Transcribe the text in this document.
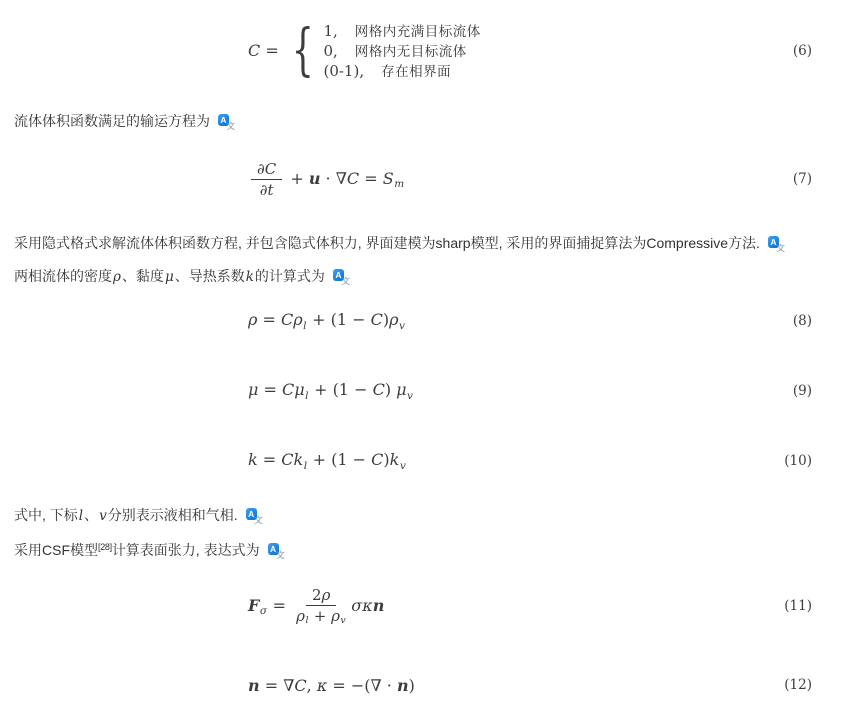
C = { 1, 网格内充满目标流体
0, 网格内无目标流体
(0-1), 存在相界面
(6)
流体体积函数满足的输运方程为 A
文
$\frac{\partial C}{\partial t} + u \cdot \nabla C = S_m$	(7)
采用隐式格式求解流体体积函数方程, 并包含隐式体积力, 界面建模为sharp模型, 采用的界面捕捉算法为Compressive方法. A
文
两相流体的密度ρ、黏度μ、导热系数k的计算式为 A
文
$\rho = C\rho_l + (1 - C)\rho_v$	(8)
$\mu = C\mu_l + (1 - C)$ $\mu_v$	(9)
$k = Ck_l + (1 - C)k_v$	(10)
式中, 下标l、v分别表示液相和气相. A
文
采用CSF模型[28]计算表面张力, 表达式为 A
文
$F_\sigma = \frac{2\rho}{\rho l + \rho v}$ σκn	(11)
n = ∇C, κ = −(∇ · n)	(12)
